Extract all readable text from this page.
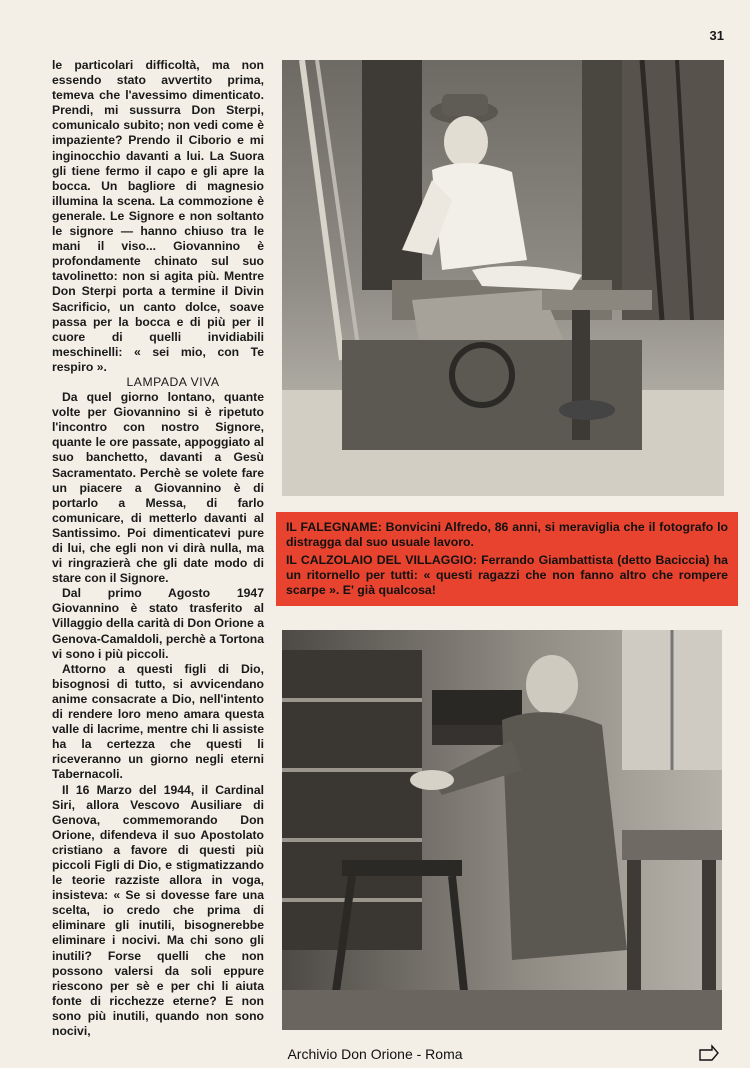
31

le particolari difficoltà, ma non essendo stato avvertito prima, temeva che l'avessimo dimenticato. Prendi, mi sussurra Don Sterpi, comunicalo subito; non vedi come è impaziente? Prendo il Ciborio e mi inginocchio davanti a lui. La Suora gli tiene fermo il capo e gli apre la bocca. Un bagliore di magnesio illumina la scena. La commozione è generale. Le Signore e non soltanto le signore — hanno chiuso tra le mani il viso... Giovannino è profondamente chinato sul suo tavolinetto: non si agita più. Mentre Don Sterpi porta a termine il Divin Sacrificio, un canto dolce, soave passa per la bocca e di più per il cuore di quelli invidiabili meschinelli: « sei mio, con Te respiro ».

LAMPADA VIVA

Da quel giorno lontano, quante volte per Giovannino si è ripetuto l'incontro con nostro Signore, quante le ore passate, appoggiato al suo banchetto, davanti a Gesù Sacramentato. Perchè se volete fare un piacere a Giovannino è di portarlo a Messa, di farlo comunicare, di metterlo davanti al Santissimo. Poi dimenticatevi pure di lui, che egli non vi dirà nulla, ma vi ringrazierà che gli date modo di stare con il Signore.

Dal primo Agosto 1947 Giovannino è stato trasferito al Villaggio della carità di Don Orione a Genova-Camaldoli, perchè a Tortona vi sono i più piccoli.

Attorno a questi figli di Dio, bisognosi di tutto, si avvicendano anime consacrate a Dio, nell'intento di rendere loro meno amara questa valle di lacrime, mentre chi li assiste ha la certezza che questi li riceveranno un giorno negli eterni Tabernacoli.

Il 16 Marzo del 1944, il Cardinal Siri, allora Vescovo Ausiliare di Genova, commemorando Don Orione, difendeva il suo Apostolato cristiano a favore di questi più piccoli Figli di Dio, e stigmatizzando le teorie razziste allora in voga, insisteva: « Se si dovesse fare una scelta, io credo che prima di eliminare gli inutili, bisognerebbe eliminare i nocivi. Ma chi sono gli inutili? Forse quelli che non possono valersi da soli eppure riescono per sè e per chi li aiuta fonte di ricchezze eterne? E non sono più inutili, quando non sono nocivi,

IL FALEGNAME: Bonvicini Alfredo, 86 anni, si meraviglia che il fotografo lo distragga dal suo usuale lavoro.

IL CALZOLAIO DEL VILLAGGIO: Ferrando Giambattista (detto Baciccia) ha un ritornello per tutti: « questi ragazzi che non fanno altro che rompere scarpe ». E' già qualcosa!

Archivio Don Orione - Roma
